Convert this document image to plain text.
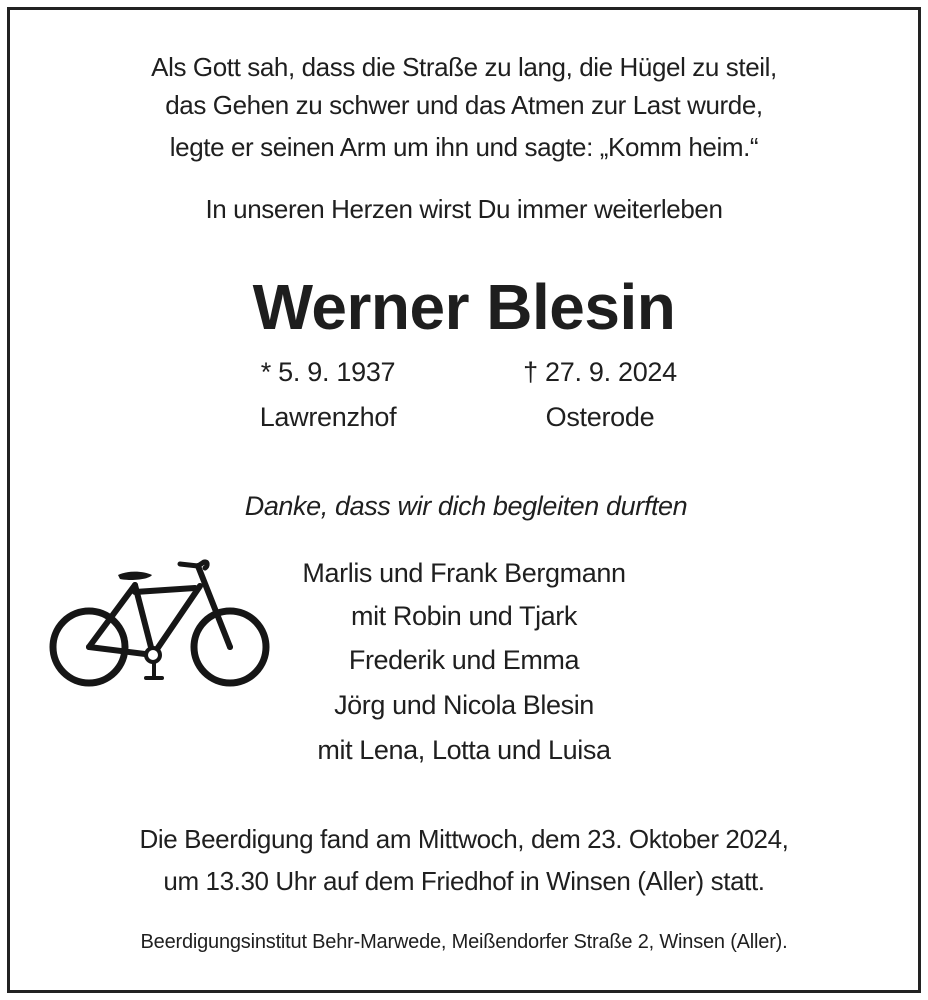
Als Gott sah, dass die Straße zu lang, die Hügel zu steil,
das Gehen zu schwer und das Atmen zur Last wurde,
legte er seinen Arm um ihn und sagte: „Komm heim.“
In unseren Herzen wirst Du immer weiterleben
Werner Blesin
* 5. 9. 1937
Lawrenzhof
† 27. 9. 2024
Osterode
Danke, dass wir dich begleiten durften
Marlis und Frank Bergmann
mit Robin und Tjark
Frederik und Emma
Jörg und Nicola Blesin
mit Lena, Lotta und Luisa
Die Beerdigung fand am Mittwoch, dem 23. Oktober 2024,
um 13.30 Uhr auf dem Friedhof in Winsen (Aller) statt.
Beerdigungsinstitut Behr-Marwede, Meißendorfer Straße 2, Winsen (Aller).
